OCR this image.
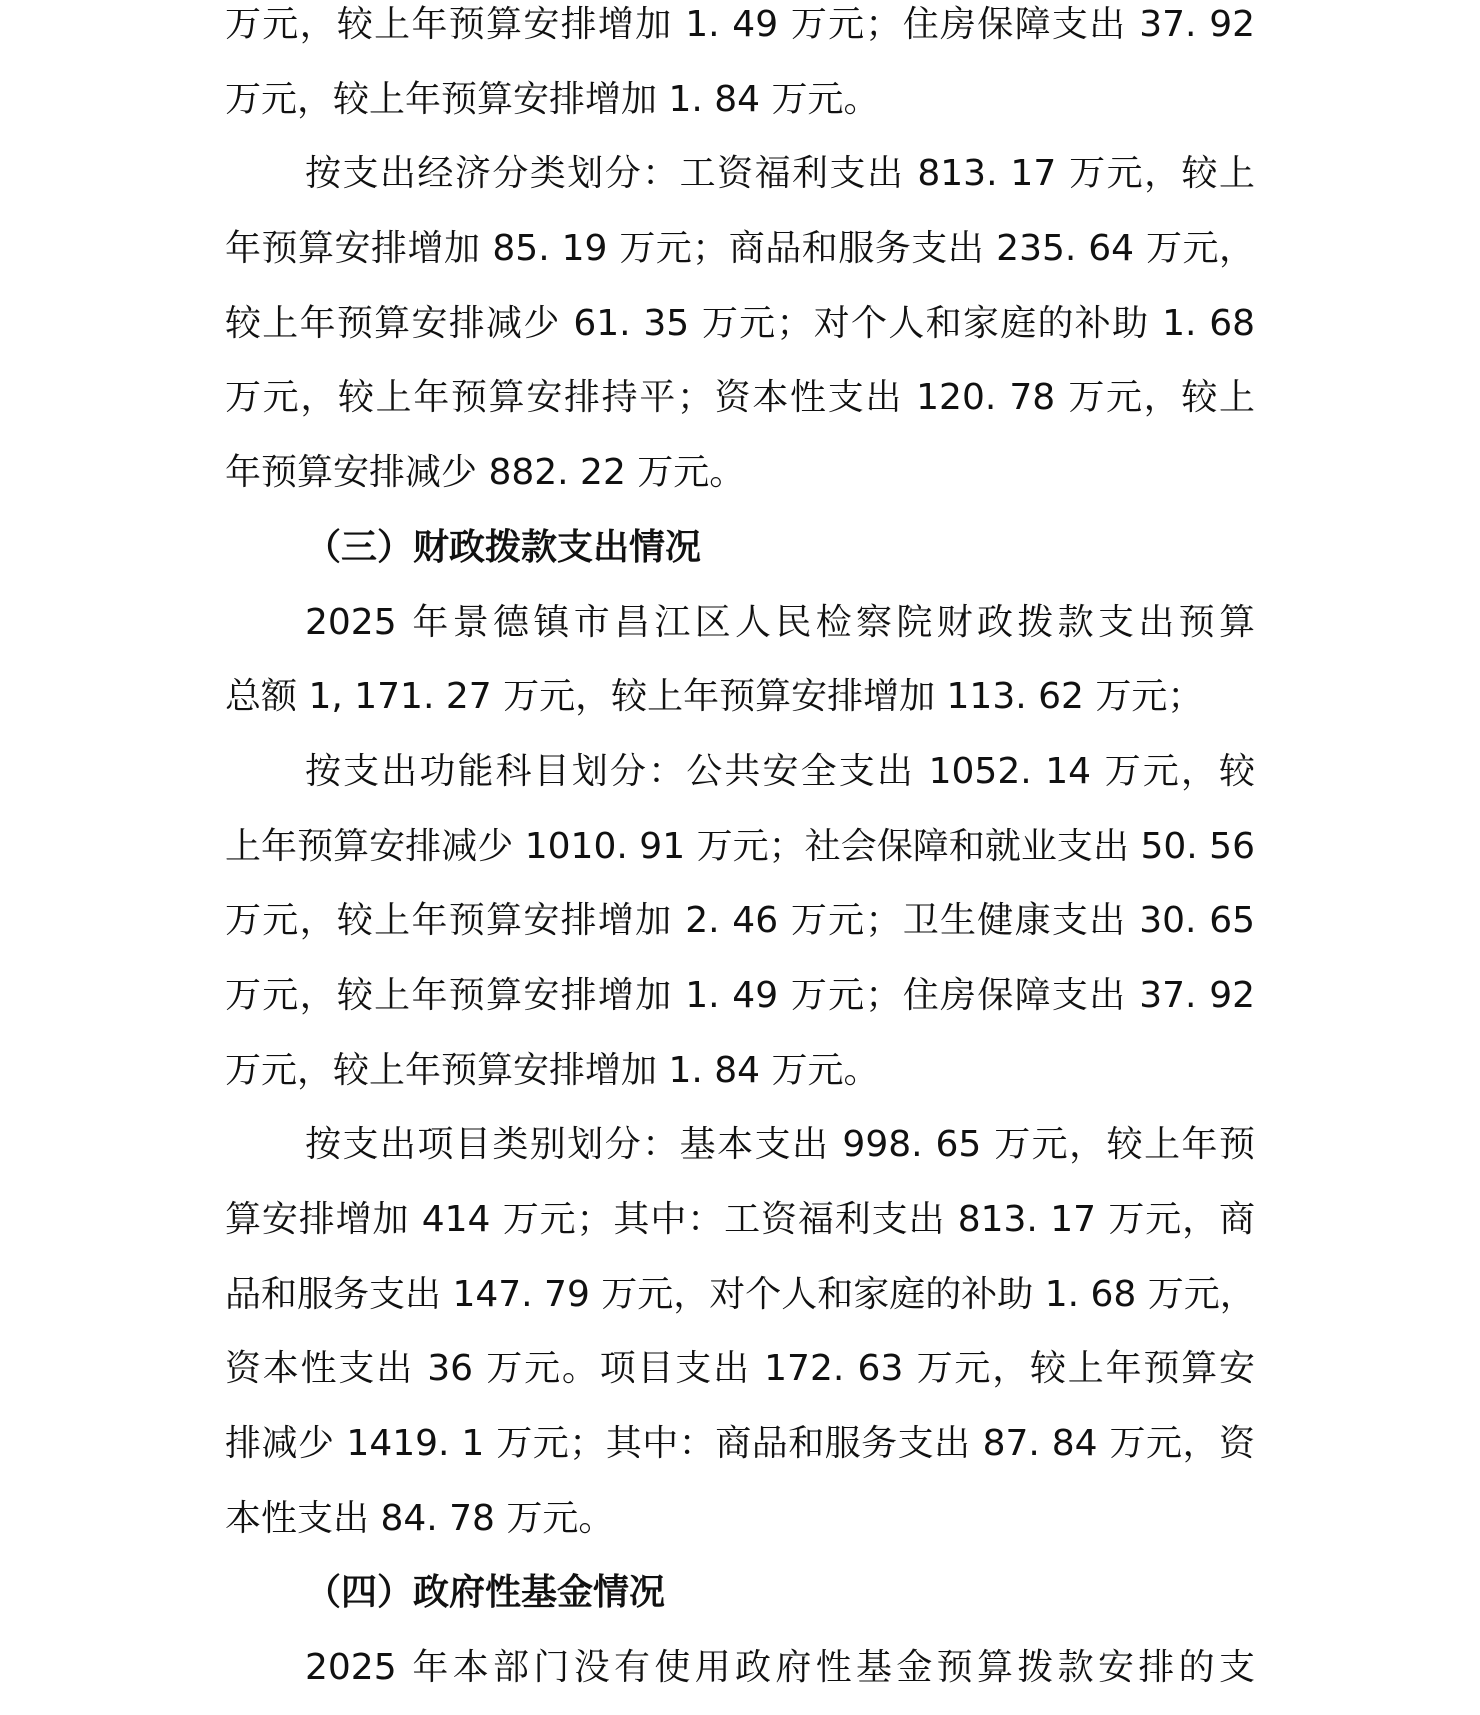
万元，较上年预算安排增加 1. 49 万元；住房保障支出 37. 92
万元，较上年预算安排增加 1. 84 万元。
按支出经济分类划分：工资福利支出 813. 17 万元，较上
年预算安排增加 85. 19 万元；商品和服务支出 235. 64 万元，
较上年预算安排减少 61. 35 万元；对个人和家庭的补助 1. 68
万元，较上年预算安排持平；资本性支出 120. 78 万元，较上
年预算安排减少 882. 22 万元。
（三）财政拨款支出情况
2025 年景德镇市昌江区人民检察院财政拨款支出预算
总额 1, 171. 27 万元，较上年预算安排增加 113. 62 万元；
按支出功能科目划分：公共安全支出 1052. 14 万元，较
上年预算安排减少 1010. 91 万元；社会保障和就业支出 50. 56
万元，较上年预算安排增加 2. 46 万元；卫生健康支出 30. 65
万元，较上年预算安排增加 1. 49 万元；住房保障支出 37. 92
万元，较上年预算安排增加 1. 84 万元。
按支出项目类别划分：基本支出 998. 65 万元，较上年预
算安排增加 414 万元；其中：工资福利支出 813. 17 万元，商
品和服务支出 147. 79 万元，对个人和家庭的补助 1. 68 万元，
资本性支出 36 万元。项目支出 172. 63 万元，较上年预算安
排减少 1419. 1 万元；其中：商品和服务支出 87. 84 万元，资
本性支出 84. 78 万元。
（四）政府性基金情况
2025 年本部门没有使用政府性基金预算拨款安排的支
